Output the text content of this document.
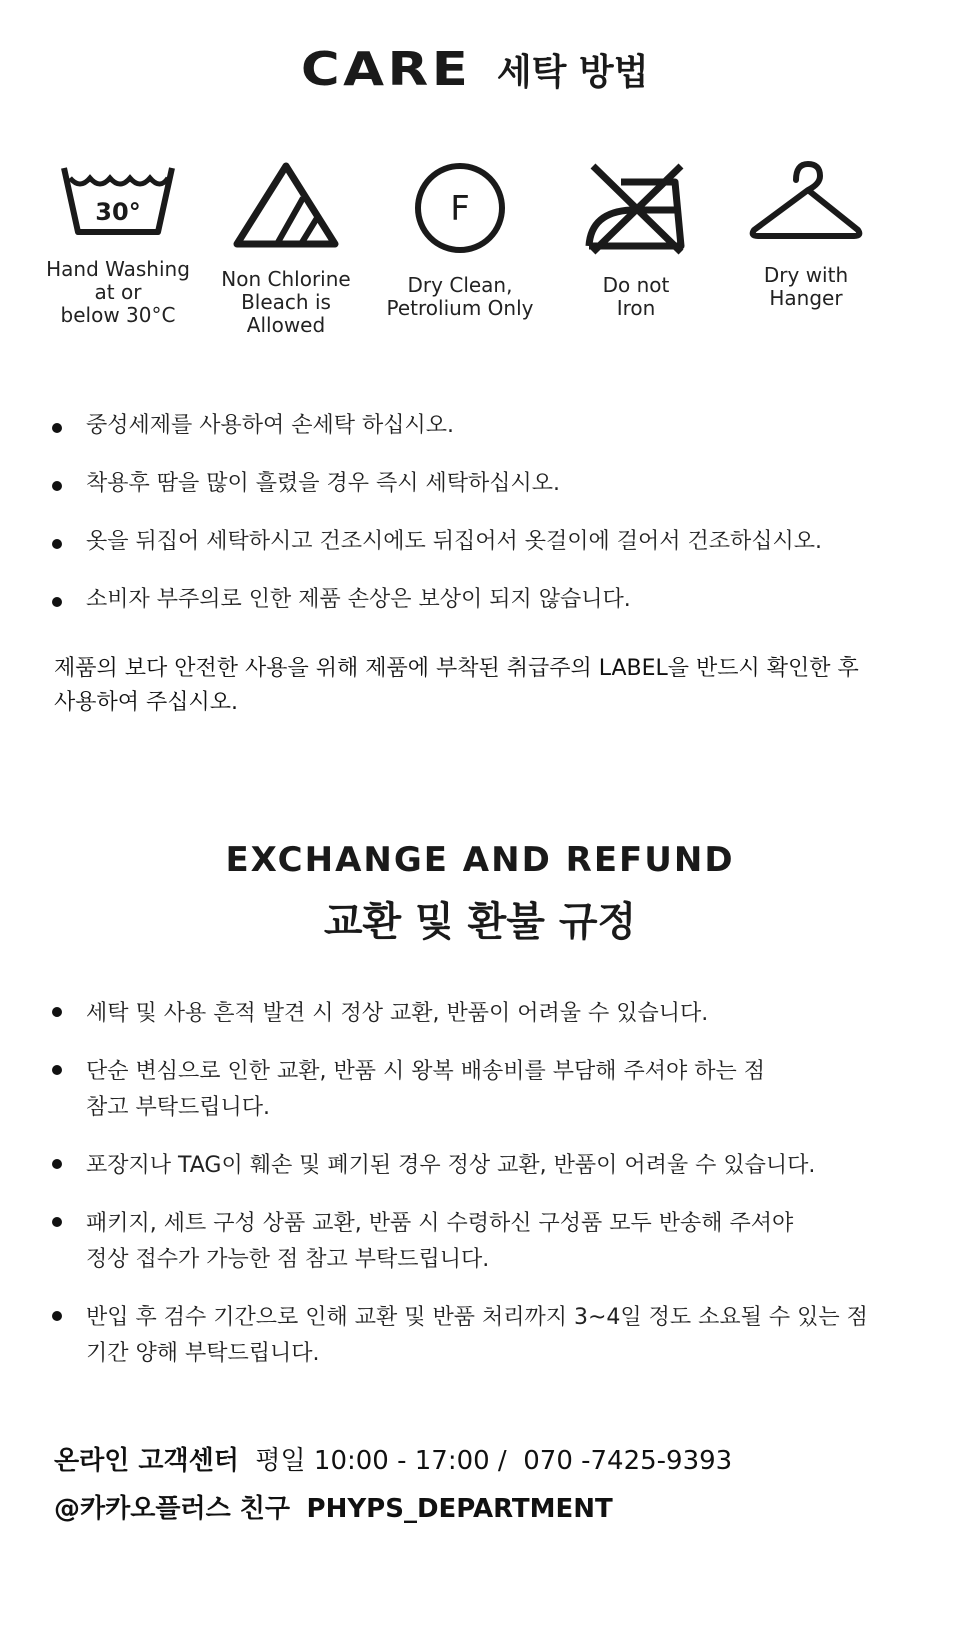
CARE 세탁 방법
30°
Hand Washing
at or
below 30°C
Non Chlorine
Bleach is
Allowed
F
Dry Clean,
Petrolium Only
Do not
Iron
Dry with
Hanger
중성세제를 사용하여 손세탁 하십시오.
착용후 땀을 많이 흘렸을 경우 즉시 세탁하십시오.
옷을 뒤집어 세탁하시고 건조시에도 뒤집어서 옷걸이에 걸어서 건조하십시오.
소비자 부주의로 인한 제품 손상은 보상이 되지 않습니다.
제품의 보다 안전한 사용을 위해 제품에 부착된 취급주의 LABEL을 반드시 확인한 후
사용하여 주십시오.
EXCHANGE AND REFUND
교환 및 환불 규정
세탁 및 사용 흔적 발견 시 정상 교환, 반품이 어려울 수 있습니다.
단순 변심으로 인한 교환, 반품 시 왕복 배송비를 부담해 주셔야 하는 점
참고 부탁드립니다.
포장지나 TAG이 훼손 및 폐기된 경우 정상 교환, 반품이 어려울 수 있습니다.
패키지, 세트 구성 상품 교환, 반품 시 수령하신 구성품 모두 반송해 주셔야
정상 접수가 가능한 점 참고 부탁드립니다.
반입 후 검수 기간으로 인해 교환 및 반품 처리까지 3~4일 정도 소요될 수 있는 점
기간 양해 부탁드립니다.
온라인 고객센터 평일 10:00 - 17:00 / 070 -7425-9393
@카카오플러스 친구 PHYPS_DEPARTMENT
